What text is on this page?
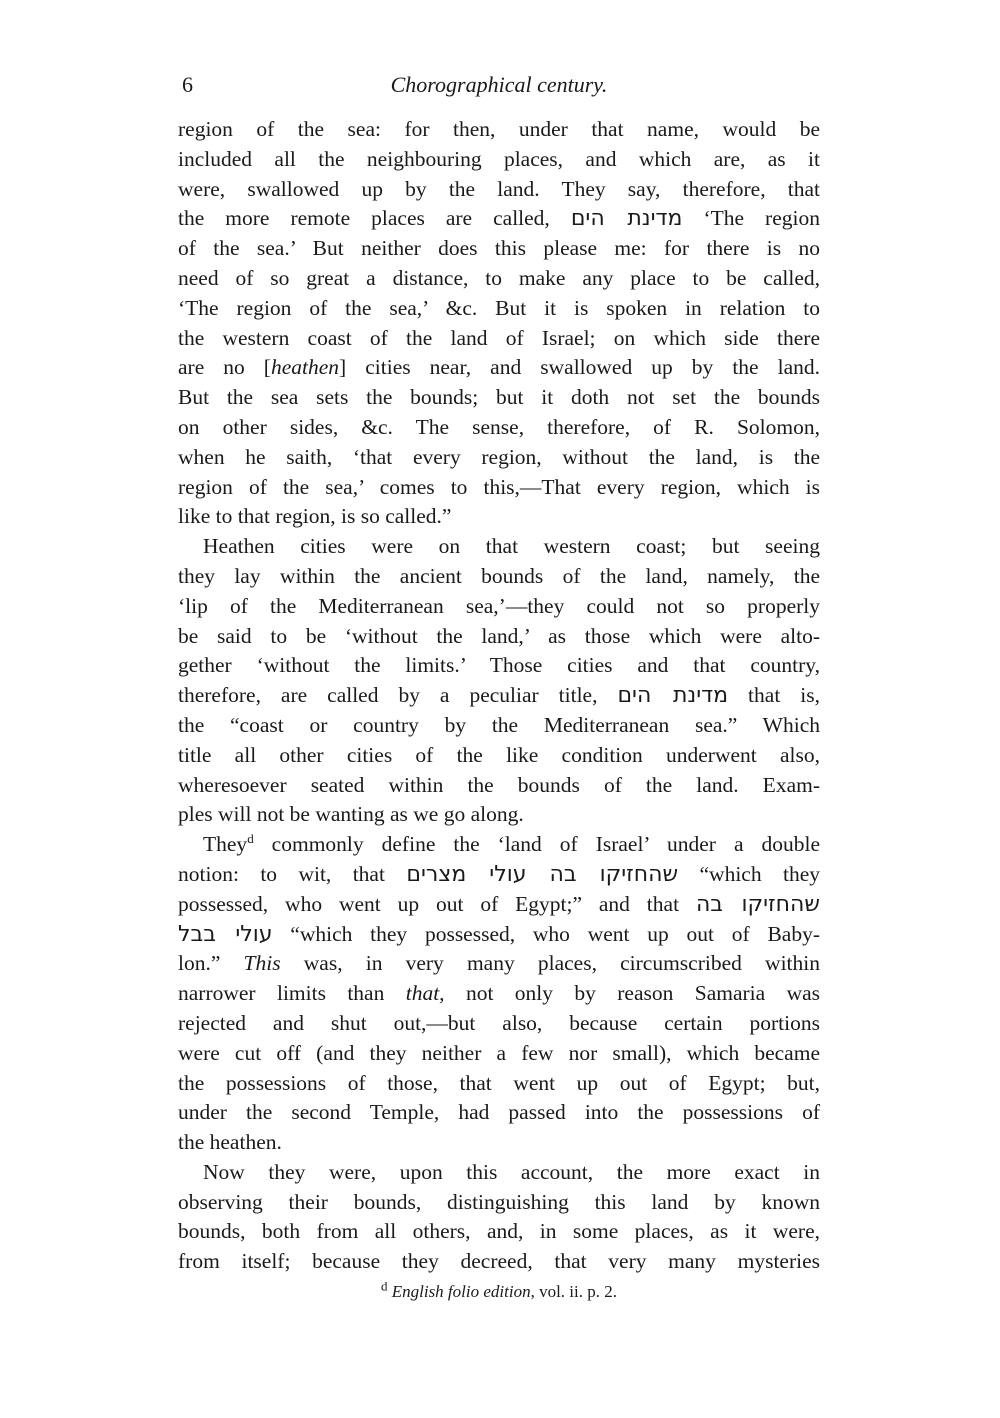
6	Chorographical century.
region of the sea: for then, under that name, would be
included all the neighbouring places, and which are, as it
were, swallowed up by the land. They say, therefore, that
the more remote places are called, מדינת הים ‘The region
of the sea.’ But neither does this please me: for there is no
need of so great a distance, to make any place to be called,
‘The region of the sea,’ &c. But it is spoken in relation to
the western coast of the land of Israel; on which side there
are no [heathen] cities near, and swallowed up by the land.
But the sea sets the bounds; but it doth not set the bounds
on other sides, &c. The sense, therefore, of R. Solomon,
when he saith, ‘that every region, without the land, is the
region of the sea,’ comes to this,—That every region, which is
like to that region, is so called.”
Heathen cities were on that western coast; but seeing
they lay within the ancient bounds of the land, namely, the
‘lip of the Mediterranean sea,’—they could not so properly
be said to be ‘without the land,’ as those which were alto-
gether ‘without the limits.’ Those cities and that country,
therefore, are called by a peculiar title, מדינת הים that is,
the “coast or country by the Mediterranean sea.” Which
title all other cities of the like condition underwent also,
wheresoever seated within the bounds of the land. Exam-
ples will not be wanting as we go along.
They$^d$ commonly define the ‘land of Israel’ under a double
notion: to wit, that שהחזיקו בה עולי מצרים “which they
possessed, who went up out of Egypt;” and that שהחזיקו בה
עולי בבל “which they possessed, who went up out of Baby-
lon.” This was, in very many places, circumscribed within
narrower limits than that, not only by reason Samaria was
rejected and shut out,—but also, because certain portions
were cut off (and they neither a few nor small), which became
the possessions of those, that went up out of Egypt; but,
under the second Temple, had passed into the possessions of
the heathen.
Now they were, upon this account, the more exact in
observing their bounds, distinguishing this land by known
bounds, both from all others, and, in some places, as it were,
from itself; because they decreed, that very many mysteries
$^d$ English folio edition, vol. ii. p. 2.
